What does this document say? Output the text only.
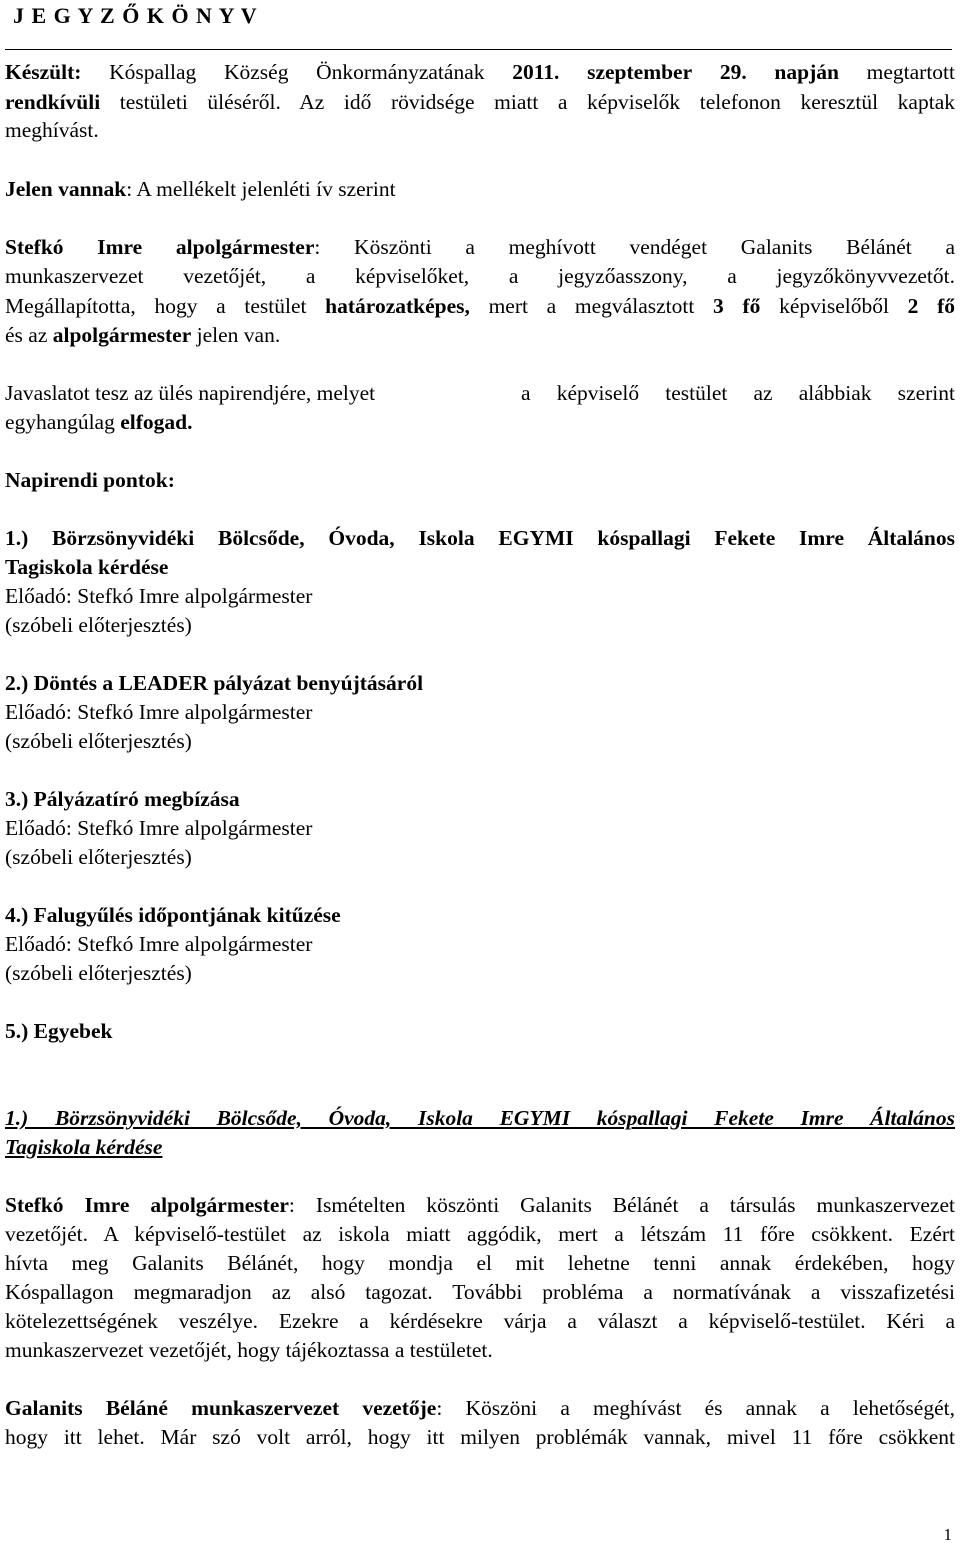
J E G Y Z Ő K Ö N Y V
Készült: Kóspallag Község Önkormányzatának 2011. szeptember 29. napján megtartott
rendkívüli testületi üléséről. Az idő rövidsége miatt a képviselők telefonon keresztül kaptak
meghívást.
Jelen vannak: A mellékelt jelenléti ív szerint
Stefkó Imre alpolgármester: Köszönti a meghívott vendéget Galanits Bélánét a
munkaszervezet vezetőjét, a képviselőket, a jegyzőasszony, a jegyzőkönyvvezetőt.
Megállapította, hogy a testület határozatképes, mert a megválasztott 3 fő képviselőből 2 fő
és az alpolgármester jelen van.
Javaslatot tesz az ülés napirendjére, melyet	a képviselő testület az alábbiak szerint
egyhangúlag elfogad.
Napirendi pontok:
1.) Börzsönyvidéki Bölcsőde, Óvoda, Iskola EGYMI kóspallagi Fekete Imre Általános
Tagiskola kérdése
Előadó: Stefkó Imre alpolgármester
(szóbeli előterjesztés)
2.) Döntés a LEADER pályázat benyújtásáról
Előadó: Stefkó Imre alpolgármester
(szóbeli előterjesztés)
3.) Pályázatíró megbízása
Előadó: Stefkó Imre alpolgármester
(szóbeli előterjesztés)
4.) Falugyűlés időpontjának kitűzése
Előadó: Stefkó Imre alpolgármester
(szóbeli előterjesztés)
5.) Egyebek
1.) Börzsönyvidéki Bölcsőde, Óvoda, Iskola EGYMI kóspallagi Fekete Imre Általános
Tagiskola kérdése
Stefkó Imre alpolgármester: Ismételten köszönti Galanits Bélánét a társulás munkaszervezet
vezetőjét. A képviselő-testület az iskola miatt aggódik, mert a létszám 11 főre csökkent. Ezért
hívta meg Galanits Bélánét, hogy mondja el mit lehetne tenni annak érdekében, hogy
Kóspallagon megmaradjon az alsó tagozat. További probléma a normatívának a visszafizetési
kötelezettségének veszélye. Ezekre a kérdésekre várja a választ a képviselő-testület. Kéri a
munkaszervezet vezetőjét, hogy tájékoztassa a testületet.
Galanits Béláné munkaszervezet vezetője: Köszöni a meghívást és annak a lehetőségét,
hogy itt lehet. Már szó volt arról, hogy itt milyen problémák vannak, mivel 11 főre csökkent
1
